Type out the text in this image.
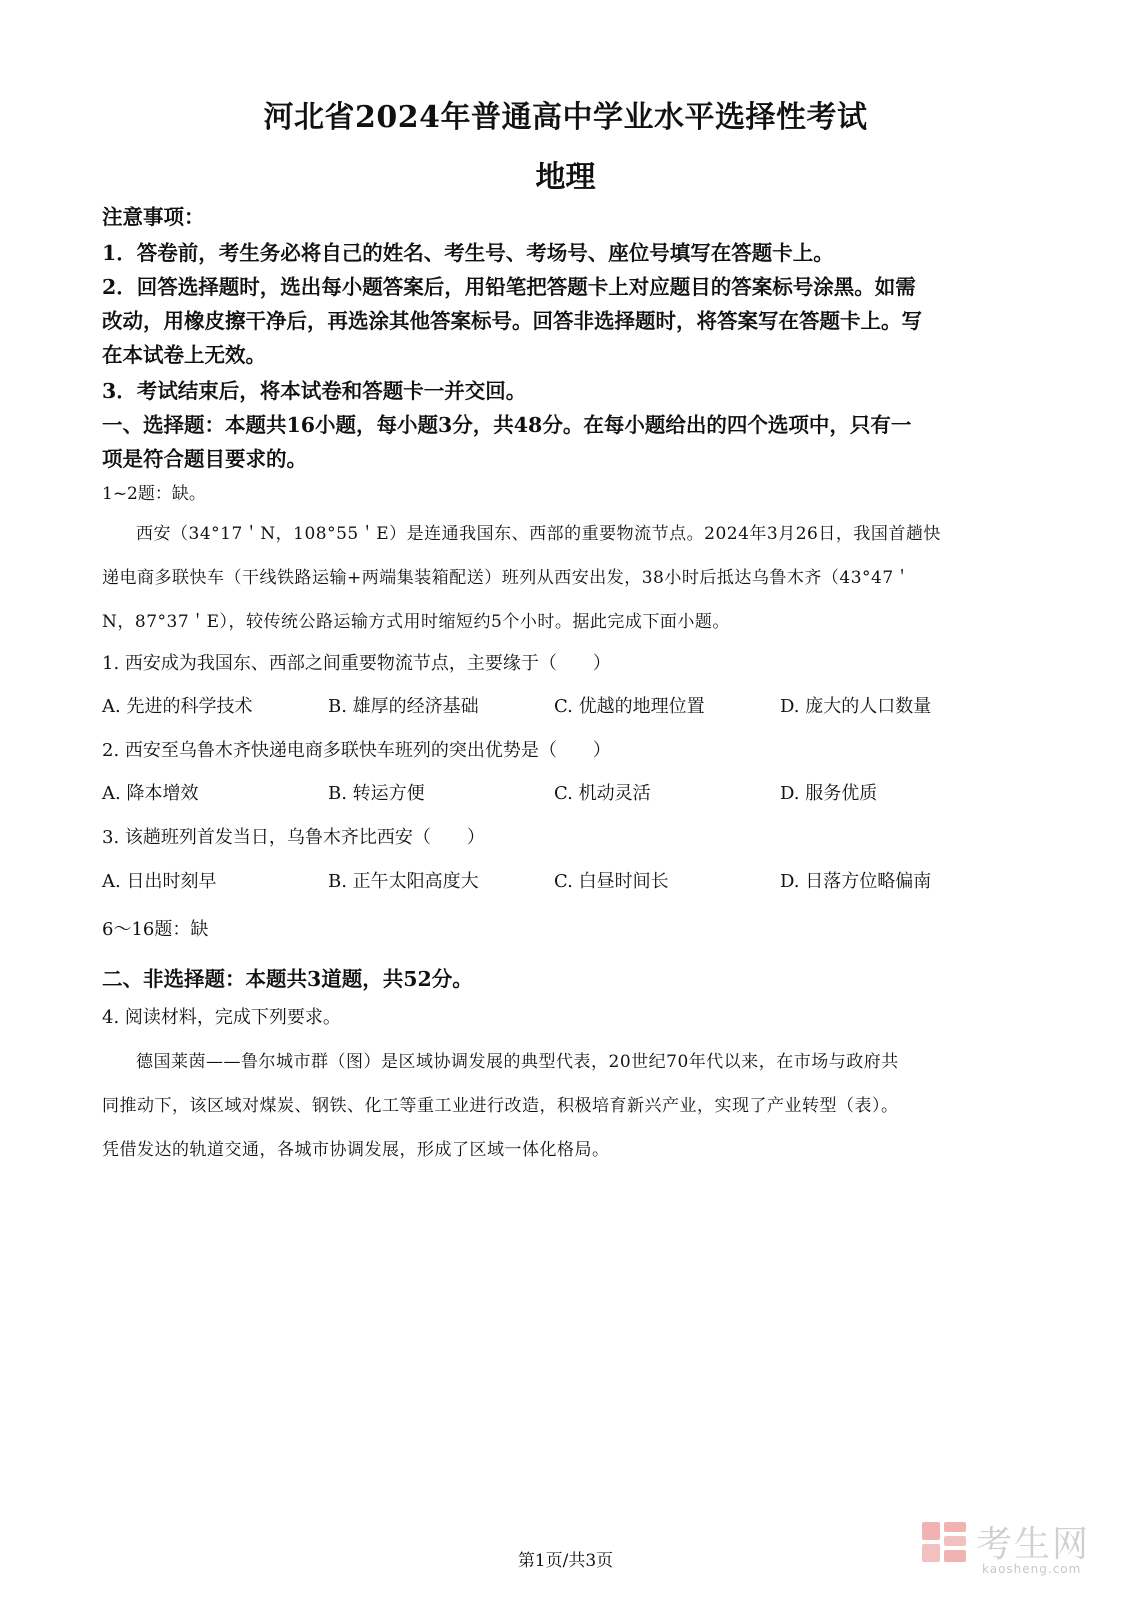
河北省2024年普通高中学业水平选择性考试
地理
注意事项：
1．答卷前，考生务必将自己的姓名、考生号、考场号、座位号填写在答题卡上。
2．回答选择题时，选出每小题答案后，用铅笔把答题卡上对应题目的答案标号涂黑。如需
改动，用橡皮擦干净后，再选涂其他答案标号。回答非选择题时，将答案写在答题卡上。写
在本试卷上无效。
3．考试结束后，将本试卷和答题卡一并交回。
一、选择题：本题共16小题，每小题3分，共48分。在每小题给出的四个选项中，只有一
项是符合题目要求的。
1~2题：缺。
西安（34°17＇N，108°55＇E）是连通我国东、西部的重要物流节点。2024年3月26日，我国首趟快
递电商多联快车（干线铁路运输+两端集装箱配送）班列从西安出发，38小时后抵达乌鲁木齐（43°47＇
N，87°37＇E），较传统公路运输方式用时缩短约5个小时。据此完成下面小题。
1. 西安成为我国东、西部之间重要物流节点，主要缘于（　　）
A. 先进的科学技术	B. 雄厚的经济基础	C. 优越的地理位置	D. 庞大的人口数量
2. 西安至乌鲁木齐快递电商多联快车班列的突出优势是（　　）
A. 降本增效	B. 转运方便	C. 机动灵活	D. 服务优质
3. 该趟班列首发当日，乌鲁木齐比西安（　　）
A. 日出时刻早	B. 正午太阳高度大	C. 白昼时间长	D. 日落方位略偏南
6～16题：缺
二、非选择题：本题共3道题，共52分。
4. 阅读材料，完成下列要求。
德国莱茵——鲁尔城市群（图）是区域协调发展的典型代表，20世纪70年代以来，在市场与政府共
同推动下，该区域对煤炭、钢铁、化工等重工业进行改造，积极培育新兴产业，实现了产业转型（表）。
凭借发达的轨道交通，各城市协调发展，形成了区域一体化格局。
第1页/共3页	考生网
kaosheng.com
